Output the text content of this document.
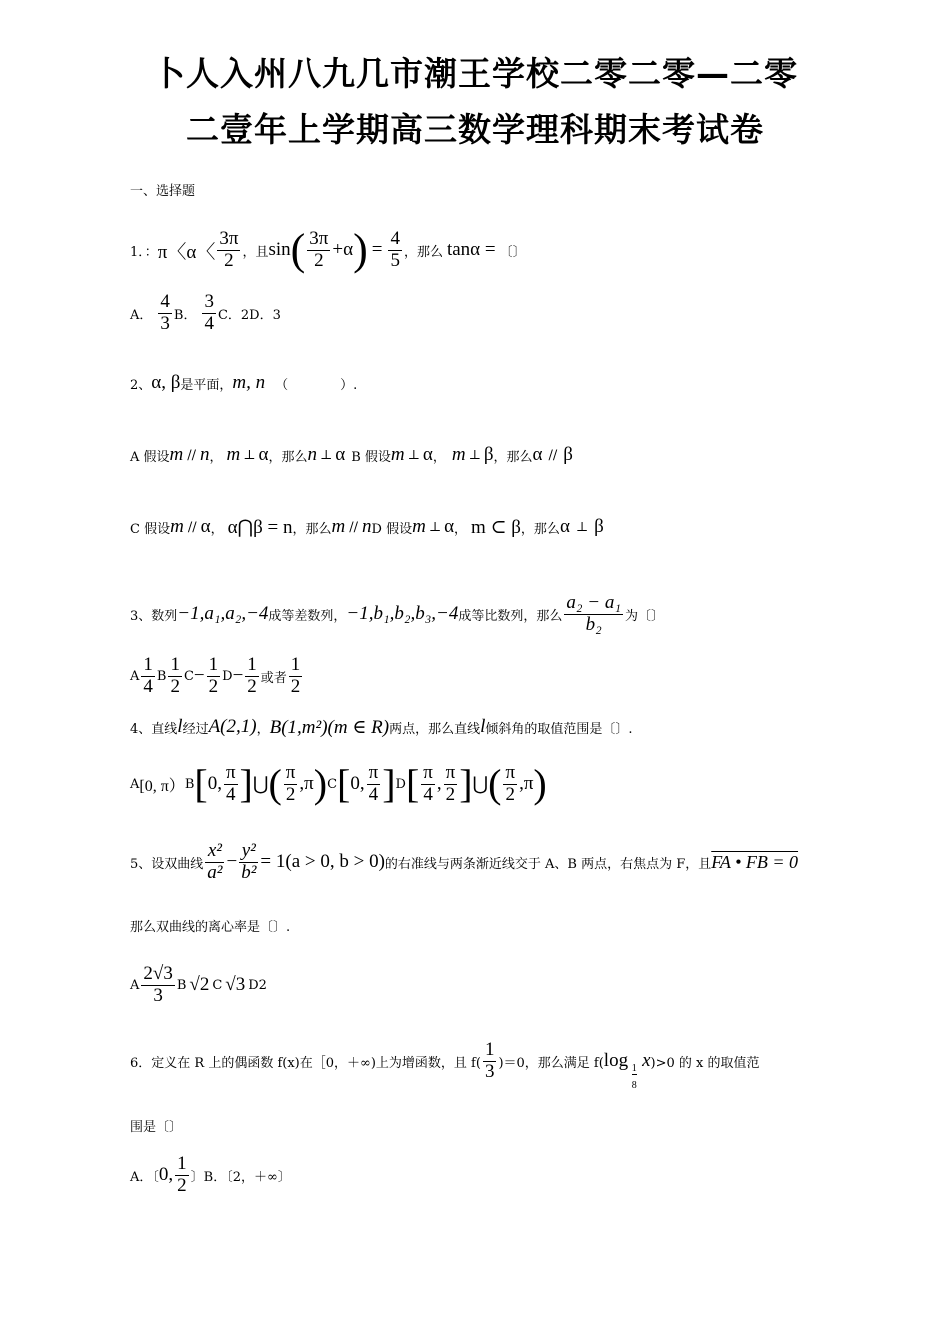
卜人入州八九几市潮王学校二零二零—二零
二壹年上学期高三数学理科期末考试卷
一、选择题
1．： π〈α〈 $\frac{3\pi}{2}$ ，且 sin ( $\frac{3\pi}{2} +\alpha$ ) = $\frac{4}{5}$ ，那么 tanα = 〔〕
A． $\frac{4}{3}$ B． $\frac{3}{4}$ C．2D．3
2、 α, β 是平面， m, n （　　　　）.
A 假设 m // n ， m ⊥ α ，那么 n ⊥ α B 假设 m ⊥ α ， m ⊥ β ，那么 α // β
C 假设 m // α ， α⋂β = n ，那么 m // n D 假设 m ⊥ α ， m ⊂ β ，那么 α ⊥ β
3、数列 −1,a₁,a₂,−4 成等差数列， −1,b₁,b₂,b₃,−4 成等比数列，那么 $\frac{\text{a₂ − a₁}}{\text{b₂}}$ 为〔〕
A $\frac{1}{4}$ B $\frac{1}{2}$ $C - \frac{1}{2}$ $D - \frac{1}{2}$ 或者 $\frac{1}{2}$
4、直线 l 经过 A(2,1) ， B(1,m²)(m ∈ R) 两点，那么直线 l 倾斜角的取值范围是〔〕.
A [0, π） B [ 0, $\frac{\pi}{4}$ ] ⋃ ( $\frac{\pi}{2} ,\pi$ ) C [ 0, $\frac{\pi}{4}$ ] D [ $\frac{\pi}{4}$ , $\frac{\pi}{2}$ ] ⋃ ( $\frac{\pi}{2} ,\pi$ )
5、设双曲线 $\frac{\text{x²}}{\text{a²}} - \frac{\text{y²}}{\text{b²}} = 1(a > 0$, b > 0) 的右准线与两条渐近线交于 A、B 两点，右焦点为 F，且 FA • FB = 0
那么双曲线的离心率是〔〕.
A $\frac{2√3}{3}$ B √2 C √3 D2
6．定义在 R 上的偶函数 f(x)在［0，＋∞)上为增函数，且 $f( \frac{1}{3} )=0$，那么满足 f( log 1
8
x )>0 的 x 的取值范
围是〔〕
A．〔 0, $\frac{1}{2}$ 〕B．〔2，＋∞〕
